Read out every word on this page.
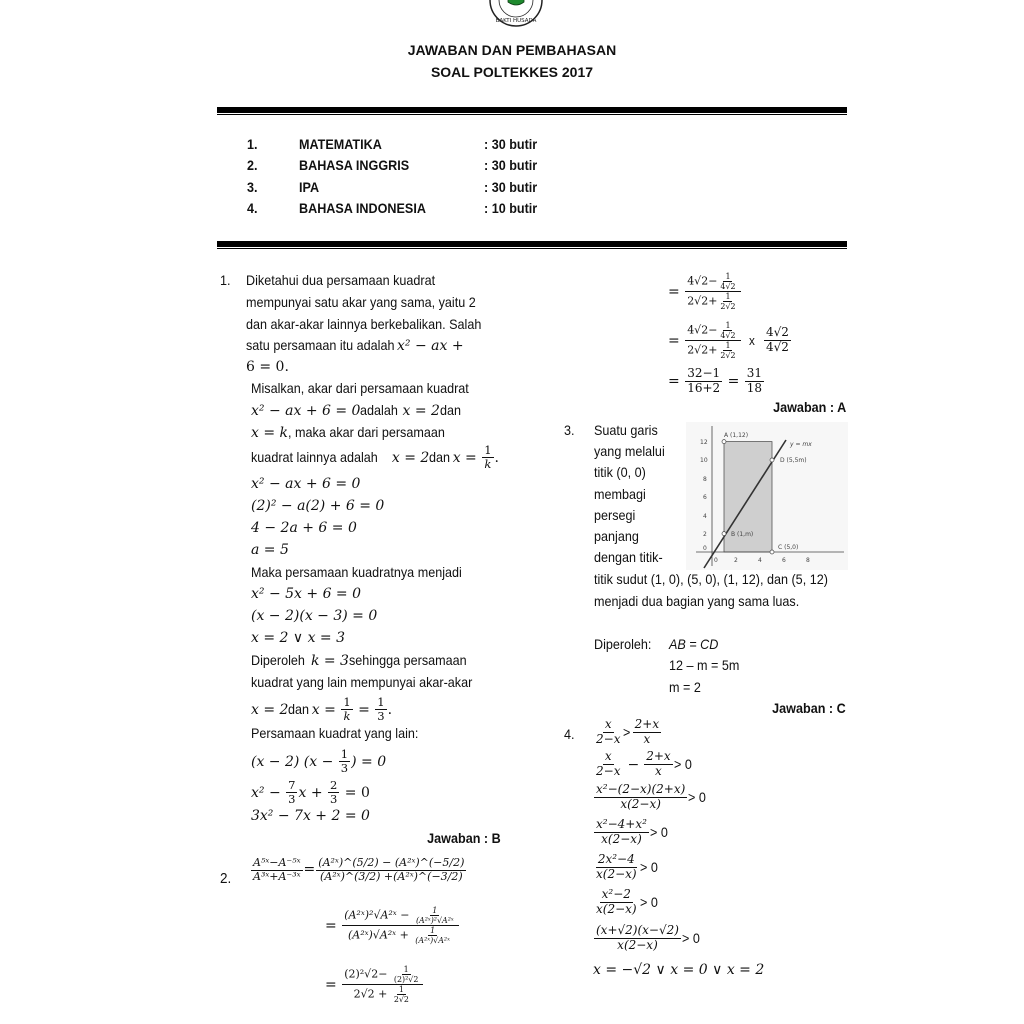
BAKTI HUSADA
JAWABAN DAN PEMBAHASAN
SOAL POLTEKKES 2017
1.	MATEMATIKA	: 30 butir
2.	BAHASA INGGRIS	: 30 butir
3.	IPA	: 30 butir
4.	BAHASA INDONESIA	: 10 butir
1. Diketahui dua persamaan kuadrat
mempunyai satu akar yang sama, yaitu 2
dan akar-akar lainnya berkebalikan. Salah
satu persamaan itu adalah x² − ax +
6 = 0.
Misalkan, akar dari persamaan kuadrat
x² − ax + 6 = 0adalahx = 2dan
x = k, maka akar dari persamaan
kuadrat lainnya adalahx = 2danx = $\frac{1}{k}$ .
x² − ax + 6 = 0
(2)² − a(2) + 6 = 0
4 − 2a + 6 = 0
a = 5
Maka persamaan kuadratnya menjadi
x² − 5x + 6 = 0
(x − 2)(x − 3) = 0
x = 2 ∨ x = 3
Diperolehk = 3sehingga persamaan
kuadrat yang lain mempunyai akar-akar
x = 2danx = $\frac{1}{k} = \frac{1}{3}$ .
Persamaan kuadrat yang lain:
(x − 2) ($x - \frac{1}{3}$ ) = 0
$x^2 - \frac{7}{3}$ $x + \frac{2}{3} = 0$
3x² − 7x + 2 = 0
Jawaban : B
2. $\frac{\text{A⁵ˣ−A⁻⁵ˣ}}{\text{A³ˣ+A⁻³ˣ}} = \frac{\text{(A²ˣ)\textasciicircum{}(5/2) − (A²ˣ)\textasciicircum{}(−5/2)}}{\text{(A²ˣ)\textasciicircum{}(3/2) +(A²ˣ)\textasciicircum{}(−3/2)}}$
= $\frac{(A^2ˣ)^2√A^2ˣ - \frac{1}{\text{(A²ˣ)²√A²ˣ}}}{(A^2ˣ)√A^2ˣ + \frac{1}{\text{(A²ˣ)√A²ˣ}}}$
= $\frac{(2)^2√2- \frac{1}{\text{(2)²√2}}}{2√2 + \frac{1}{2√2}}$
= $\frac{4√2- \frac{1}{4√2}}{2√2+ \frac{1}{2√2}}$
= $\frac{4√2- \frac{1}{4√2}}{2√2+ \frac{1}{2√2}}$ x $\frac{4√2}{4√2}$
= $\frac{32-1}{16+2} = \frac{31}{18}$
Jawaban : A
3. Suatu garis
yang melalui
titik (0, 0)
membagi
persegi
panjang
dengan titik-
titik sudut (1, 0), (5, 0), (1, 12), dan (5, 12)
menjadi dua bagian yang sama luas.
12
10
8
6
4
2
0
0	2	4	6	8
A (1,12)
B (1,m)
C (5,0)
D (5,5m)
y = mx
Diperoleh: AB = CD
12 – m = 5m
m = 2
Jawaban : C
4. $\frac{x}{2-x} > \frac{2+x}{x}$
$\frac{x}{2-x} - \frac{2+x}{x} > 0$
$\frac{\text{x²−(2−x)(2+x)}}{x(2-x)} > 0$
$\frac{\text{x²−4+x²}}{x(2-x)} > 0$
$\frac{\text{2x²−4}}{x(2-x)} > 0$
$\frac{\text{x²−2}}{x(2-x)} > 0$
$\frac{(x+√2)(x-√2)}{x(2-x)} > 0$
x = −√2 ∨ x = 0 ∨ x = 2
